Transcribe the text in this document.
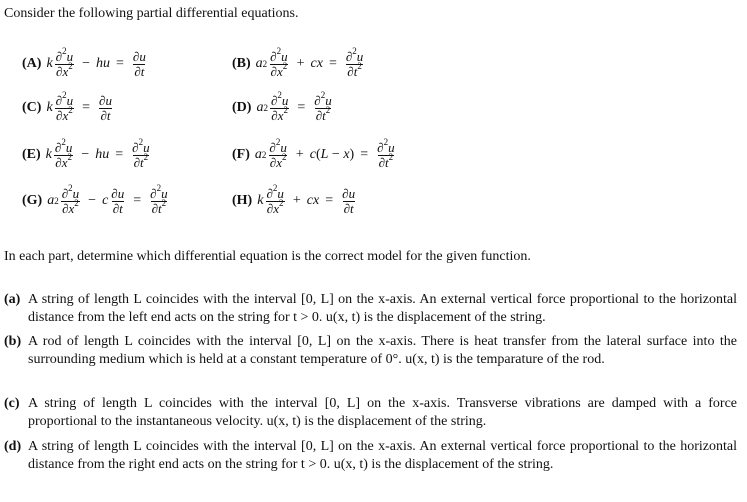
Consider the following partial differential equations.
(A) k $\frac{\partial^2u}{\partial x^2}$ − hu = $\frac{\partial u}{\partial t}$	(B) a $2 \frac{\partial^2u}{\partial x^2}$ + cx = $\frac{\partial^2u}{\partial t^2}$
(C) k $\frac{\partial^2u}{\partial x^2} = \frac{\partial u}{\partial t}$	(D) a $2 \frac{\partial^2u}{\partial x^2} = \frac{\partial^2u}{\partial t^2}$
(E) k $\frac{\partial^2u}{\partial x^2}$ − hu = $\frac{\partial^2u}{\partial t^2}$	(F) a $2 \frac{\partial^2u}{\partial x^2} + c(L - x) = \frac{\partial^2u}{\partial t^2}$
(G) a $2 \frac{\partial^2u}{\partial x^2} - c \frac{\partial u}{\partial t} = \frac{\partial^2u}{\partial t^2}$	(H) k $\frac{\partial^2u}{\partial x^2}$ + cx = $\frac{\partial u}{\partial t}$
In each part, determine which differential equation is the correct model for the given function.
(a) A string of length L coincides with the interval [0, L] on the x-axis. An external vertical force proportional to the horizontal distance from the left end acts on the string for t > 0. u(x, t) is the displacement of the string.
(b) A rod of length L coincides with the interval [0, L] on the x-axis. There is heat transfer from the lateral surface into the surrounding medium which is held at a constant temperature of 0°. u(x, t) is the temparature of the rod.
(c) A string of length L coincides with the interval [0, L] on the x-axis. Transverse vibrations are damped with a force proportional to the instantaneous velocity. u(x, t) is the displacement of the string.
(d) A string of length L coincides with the interval [0, L] on the x-axis. An external vertical force proportional to the horizontal distance from the right end acts on the string for t > 0. u(x, t) is the displacement of the string.
